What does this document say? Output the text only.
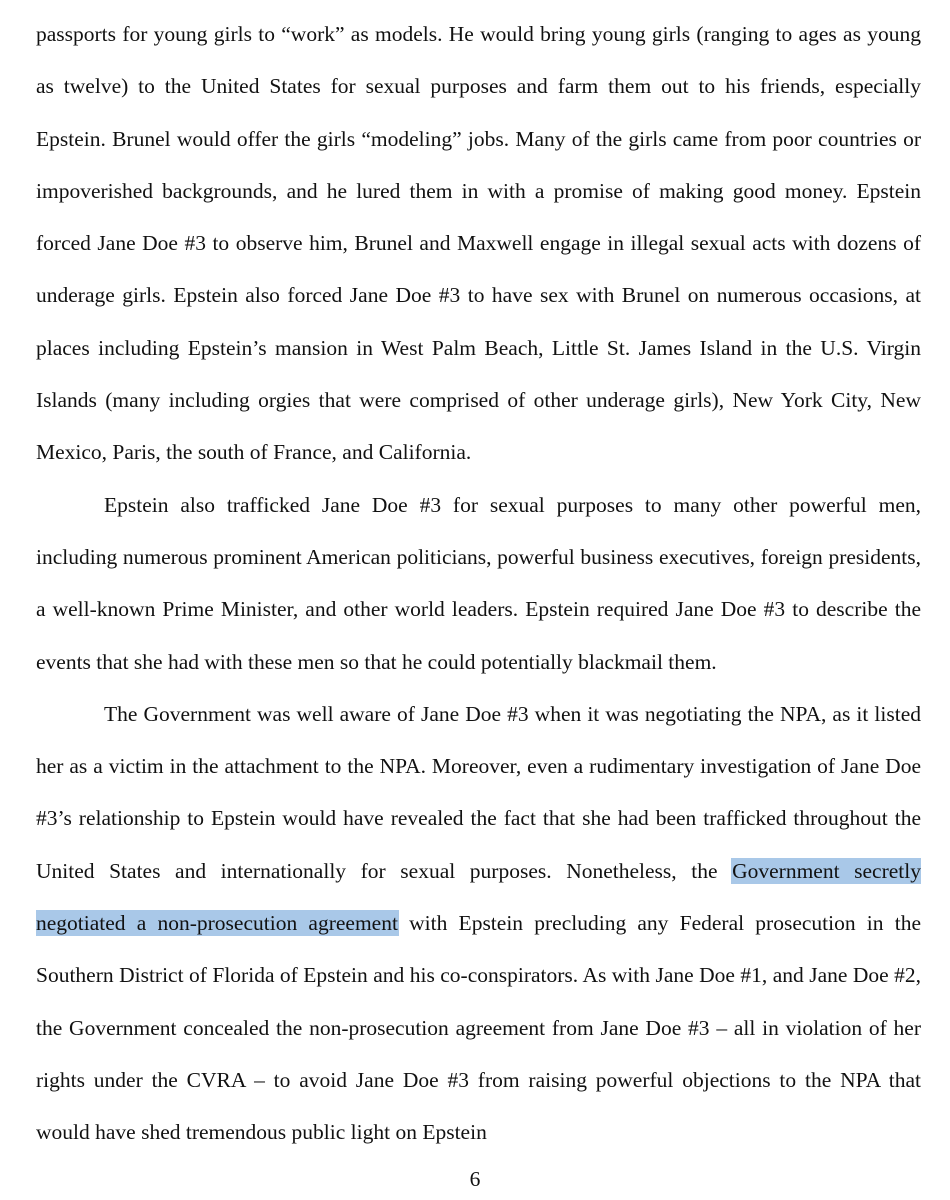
passports for young girls to “work” as models. He would bring young girls (ranging to ages as young as twelve) to the United States for sexual purposes and farm them out to his friends, especially Epstein. Brunel would offer the girls “modeling” jobs. Many of the girls came from poor countries or impoverished backgrounds, and he lured them in with a promise of making good money. Epstein forced Jane Doe #3 to observe him, Brunel and Maxwell engage in illegal sexual acts with dozens of underage girls. Epstein also forced Jane Doe #3 to have sex with Brunel on numerous occasions, at places including Epstein’s mansion in West Palm Beach, Little St. James Island in the U.S. Virgin Islands (many including orgies that were comprised of other underage girls), New York City, New Mexico, Paris, the south of France, and California.

Epstein also trafficked Jane Doe #3 for sexual purposes to many other powerful men, including numerous prominent American politicians, powerful business executives, foreign presidents, a well-known Prime Minister, and other world leaders. Epstein required Jane Doe #3 to describe the events that she had with these men so that he could potentially blackmail them.

The Government was well aware of Jane Doe #3 when it was negotiating the NPA, as it listed her as a victim in the attachment to the NPA. Moreover, even a rudimentary investigation of Jane Doe #3’s relationship to Epstein would have revealed the fact that she had been trafficked throughout the United States and internationally for sexual purposes. Nonetheless, the Government secretly negotiated a non-prosecution agreement with Epstein precluding any Federal prosecution in the Southern District of Florida of Epstein and his co-conspirators. As with Jane Doe #1, and Jane Doe #2, the Government concealed the non-prosecution agreement from Jane Doe #3 – all in violation of her rights under the CVRA – to avoid Jane Doe #3 from raising powerful objections to the NPA that would have shed tremendous public light on Epstein

6
